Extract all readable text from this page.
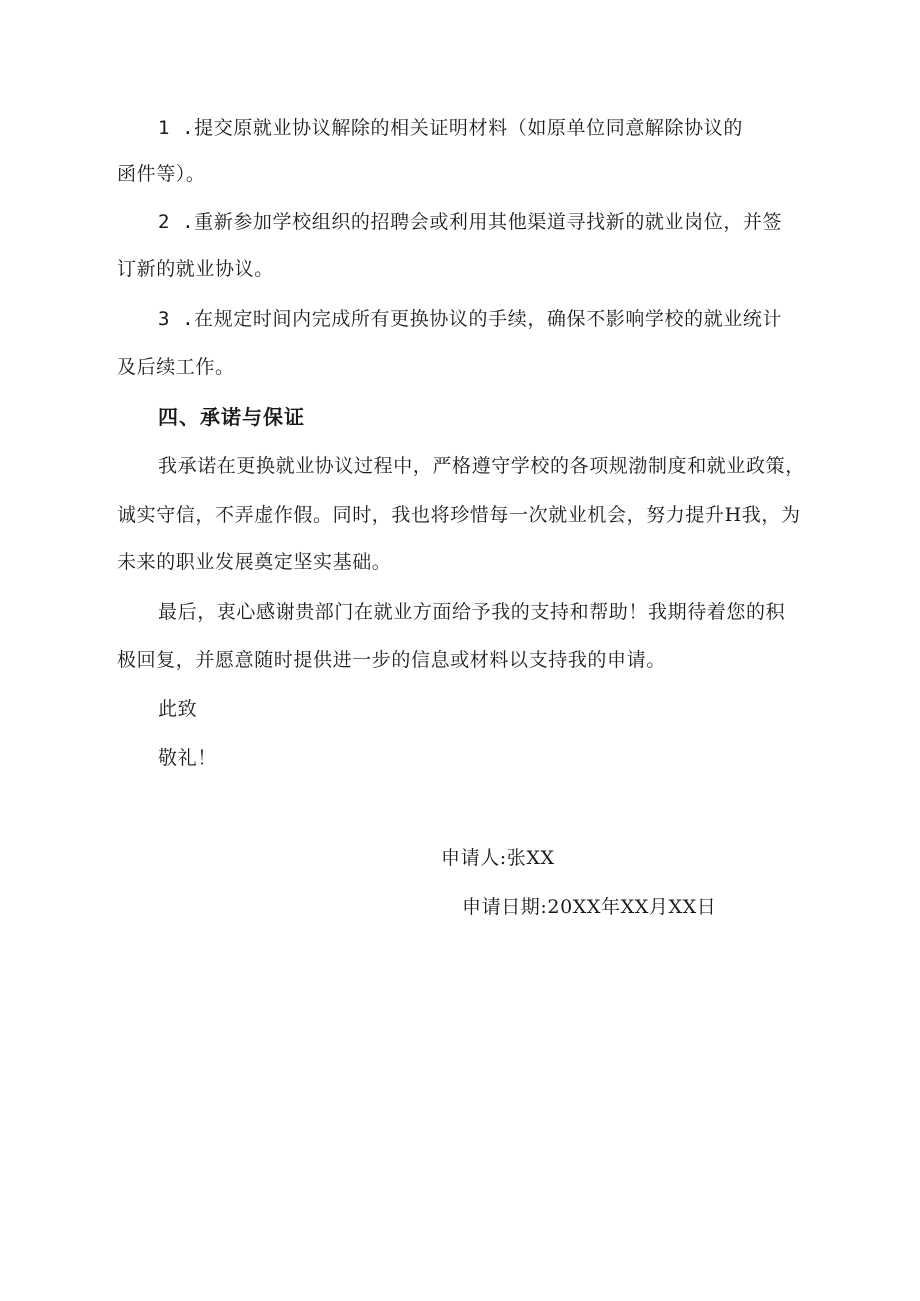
1 .提交原就业协议解除的相关证明材料（如原单位同意解除协议的
函件等）。
2 .重新参加学校组织的招聘会或利用其他渠道寻找新的就业岗位，并签
订新的就业协议。
3 .在规定时间内完成所有更换协议的手续，确保不影响学校的就业统计
及后续工作。
四、承诺与保证
我承诺在更换就业协议过程中，严格遵守学校的各项规渤制度和就业政策，
诚实守信，不弄虚作假。同时，我也将珍惜每一次就业机会，努力提升H我，为
未来的职业发展奠定坚实基础。
最后，衷心感谢贵部门在就业方面给予我的支持和帮助！我期待着您的积
极回复，并愿意随时提供进一步的信息或材料以支持我的申请。
此致
敬礼！
申请人:张XX
申请日期:20XX年XX月XX日
